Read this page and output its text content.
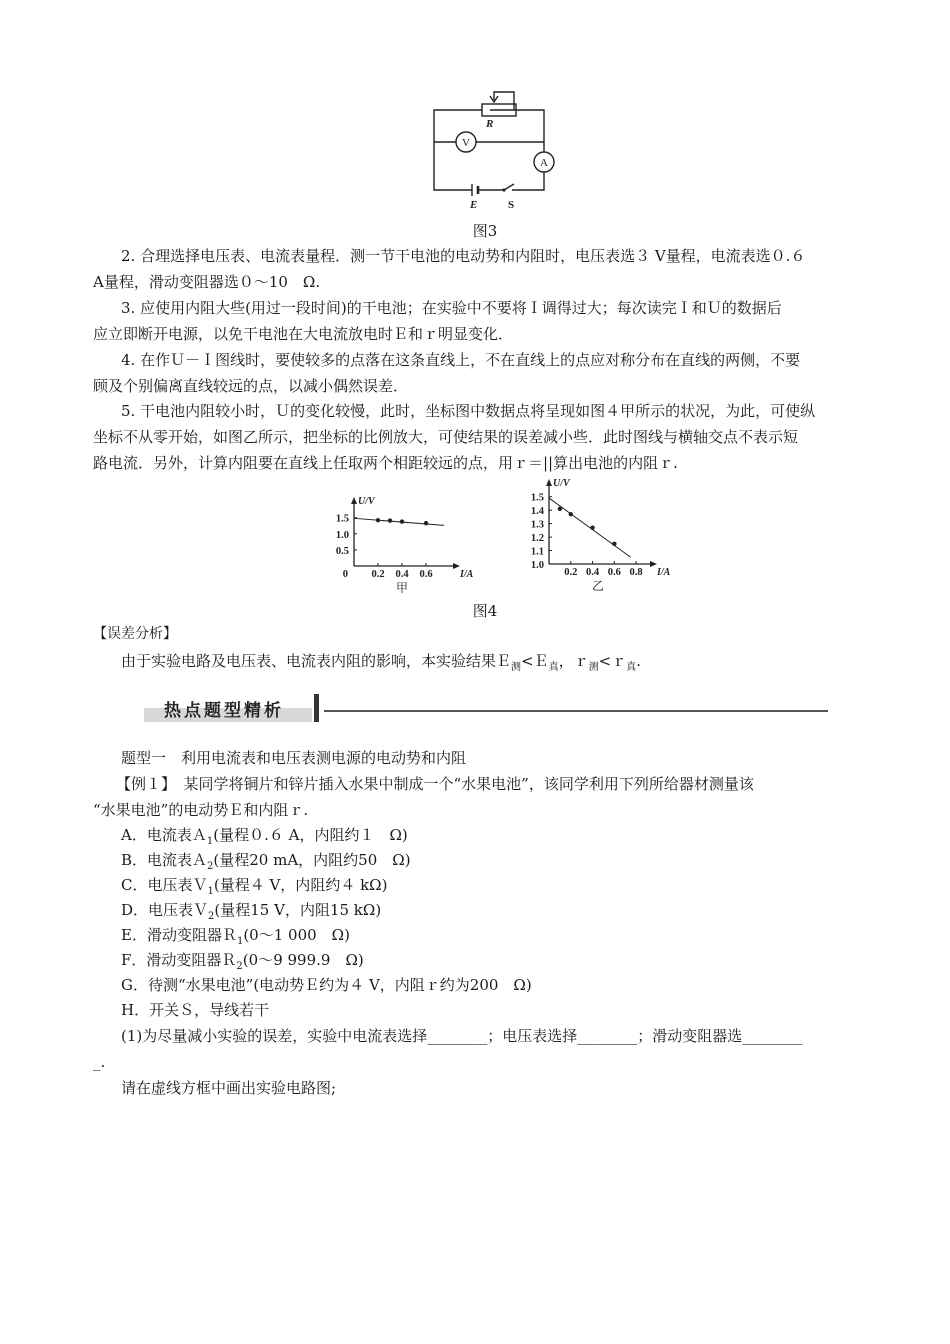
R
V
A
E	S
图3
2. 合理选择电压表、电流表量程．测一节干电池的电动势和内阻时，电压表选３ V量程，电流表选０.６
A量程，滑动变阻器选０～10　Ω.
3. 应使用内阻大些(用过一段时间)的干电池；在实验中不要将Ｉ调得过大；每次读完Ｉ和Ｕ的数据后
应立即断开电源，以免干电池在大电流放电时Ｅ和ｒ明显变化．
4. 在作Ｕ－Ｉ图线时，要使较多的点落在这条直线上，不在直线上的点应对称分布在直线的两侧，不要
顾及个别偏离直线较远的点，以减小偶然误差．
5. 干电池内阻较小时，Ｕ的变化较慢，此时，坐标图中数据点将呈现如图４甲所示的状况，为此，可使纵
坐标不从零开始，如图乙所示，把坐标的比例放大，可使结果的误差减小些．此时图线与横轴交点不表示短
路电流．另外，计算内阻要在直线上任取两个相距较远的点，用ｒ＝||算出电池的内阻ｒ.
U/V
I/A
0.5
1.0
1.5
0.2 0.4 0.6
0
甲
U/V
I/A
1.0
1.1
1.2
1.3
1.4
1.5
0.2 0.4 0.6 0.8
乙
图4
【误差分析】
由于实验电路及电压表、电流表内阻的影响，本实验结果Ｅ$_测$<Ｅ$_真$，ｒ$_测$<ｒ$_真$.
热点题型精析
题型一　利用电流表和电压表测电源的电动势和内阻
【例１】　某同学将铜片和锌片插入水果中制成一个“水果电池”，该同学利用下列所给器材测量该
“水果电池”的电动势Ｅ和内阻ｒ.
A．电流表Ａ$_1$(量程０.６ A，内阻约１　Ω)
B．电流表Ａ$_2$(量程20 mA，内阻约50　Ω)
C．电压表Ｖ$_1$(量程４ V，内阻约４ kΩ)
D．电压表Ｖ$_2$(量程15 V，内阻15 kΩ)
E．滑动变阻器Ｒ$_1$(0～1 000　Ω)
F．滑动变阻器Ｒ$_2$(0～9 999.9　Ω)
G．待测“水果电池”(电动势Ｅ约为４ V，内阻ｒ约为200　Ω)
H．开关Ｓ，导线若干
(1)为尽量减小实验的误差，实验中电流表选择________；电压表选择________；滑动变阻器选________
_.
请在虚线方框中画出实验电路图;
